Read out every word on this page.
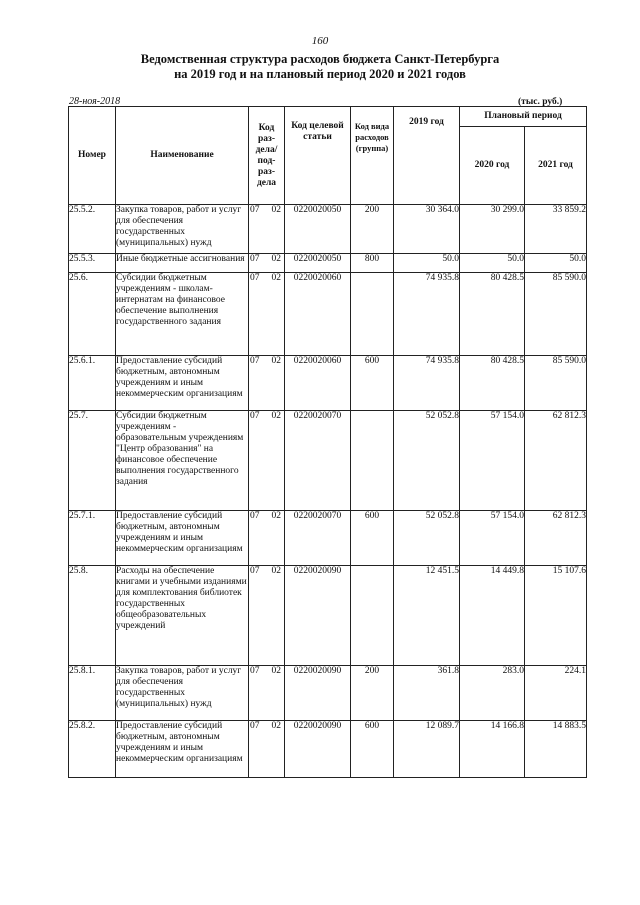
160
Ведомственная структура расходов бюджета Санкт-Петербурга
на 2019 год и на плановый период 2020 и 2021 годов
28-ноя-2018	(тыс. руб.)
Номер	Наименование	Код раз-дела/ под-раз-дела	Код целевой статьи	Код вида расходов (группа)	2019 год	Плановый период	
						2020 год	2021 год
25.5.2.	Закупка товаров, работ и услуг для обеспечения государственных (муниципальных) нужд	07 02	0220020050	200	30 364.0	30 299.0	33 859.2
25.5.3.	Иные бюджетные ассигнования	07 02	0220020050	800	50.0	50.0	50.0
25.6.	Субсидии бюджетным учреждениям - школам-интернатам на финансовое обеспечение выполнения государственного задания	07 02	0220020060		74 935.8	80 428.5	85 590.0
25.6.1.	Предоставление субсидий бюджетным, автономным учреждениям и иным некоммерческим организациям	07 02	0220020060	600	74 935.8	80 428.5	85 590.0
25.7.	Субсидии бюджетным учреждениям - образовательным учреждениям "Центр образования" на финансовое обеспечение выполнения государственного задания	07 02	0220020070		52 052.8	57 154.0	62 812.3
25.7.1.	Предоставление субсидий бюджетным, автономным учреждениям и иным некоммерческим организациям	07 02	0220020070	600	52 052.8	57 154.0	62 812.3
25.8.	Расходы на обеспечение книгами и учебными изданиями для комплектования библиотек государственных общеобразовательных учреждений	07 02	0220020090		12 451.5	14 449.8	15 107.6
25.8.1.	Закупка товаров, работ и услуг для обеспечения государственных (муниципальных) нужд	07 02	0220020090	200	361.8	283.0	224.1
25.8.2.	Предоставление субсидий бюджетным, автономным учреждениям и иным некоммерческим организациям	07 02	0220020090	600	12 089.7	14 166.8	14 883.5
